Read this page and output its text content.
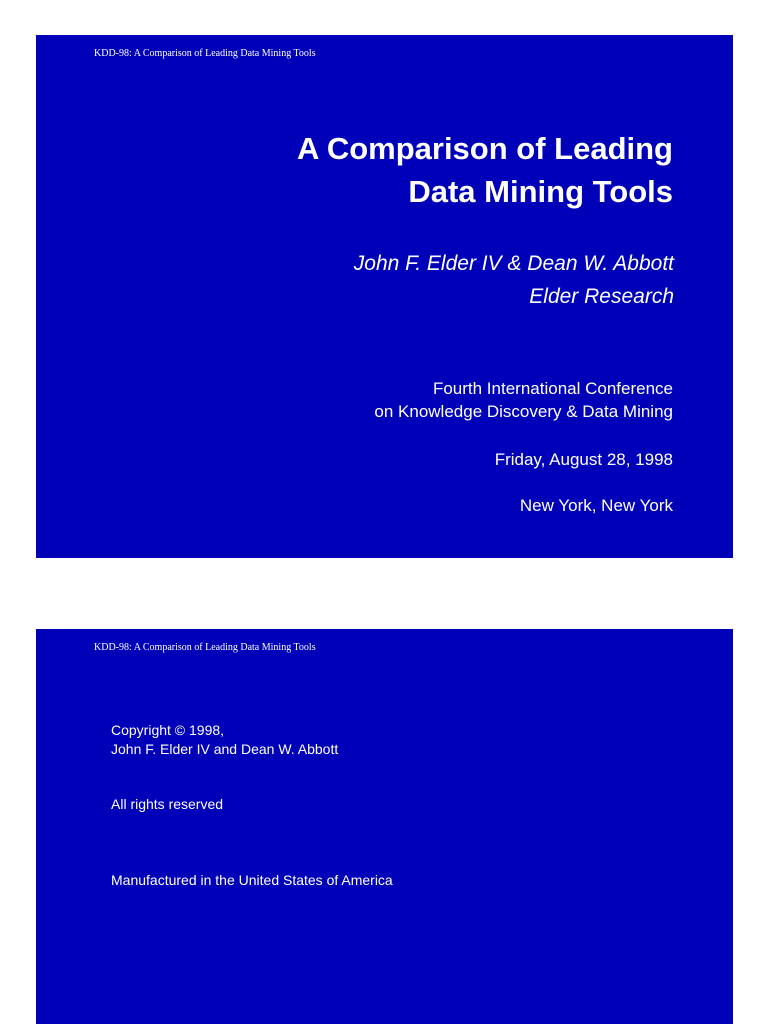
KDD-98: A Comparison of Leading Data Mining Tools
A Comparison of Leading
Data Mining Tools
John F. Elder IV & Dean W. Abbott
Elder Research
Fourth International Conference
on Knowledge Discovery & Data Mining
Friday, August 28, 1998
New York, New York
KDD-98: A Comparison of Leading Data Mining Tools
Copyright © 1998,
John F. Elder IV and Dean W. Abbott
All rights reserved
Manufactured in the United States of America
